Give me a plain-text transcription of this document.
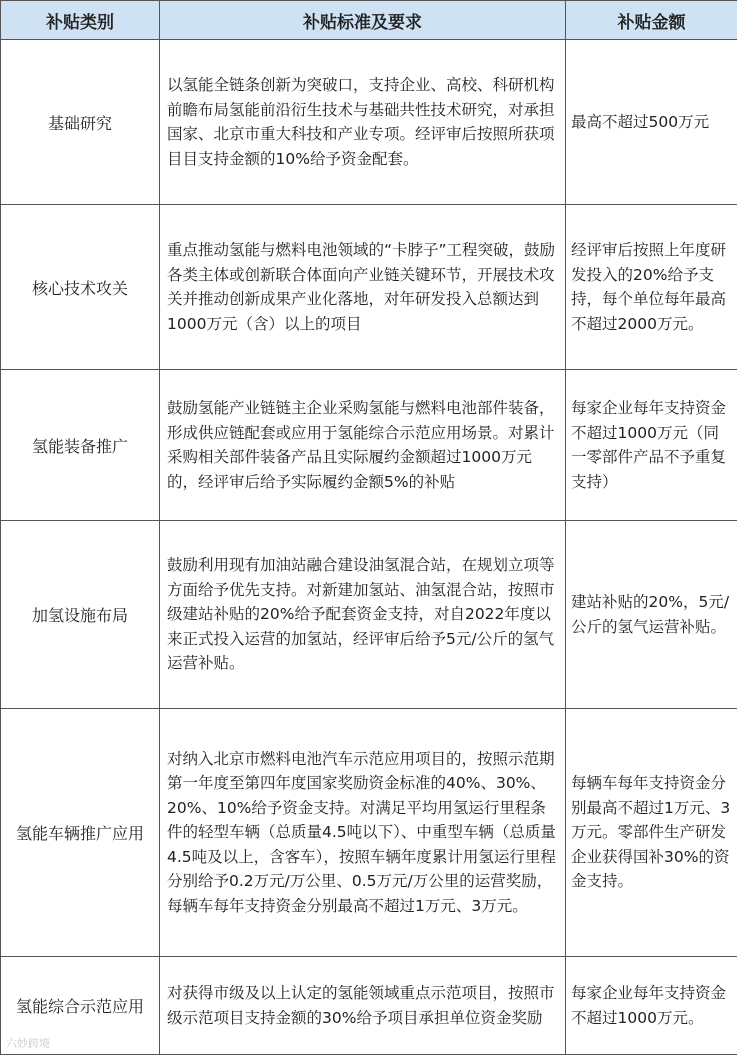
补贴类别	补贴标准及要求	补贴金额
基础研究	以氢能全链条创新为突破口，支持企业、高校、科研机构前瞻布局氢能前沿衍生技术与基础共性技术研究，对承担国家、北京市重大科技和产业专项。经评审后按照所获项目目支持金额的10%给予资金配套。	最高不超过500万元
核心技术攻关	重点推动氢能与燃料电池领域的“卡脖子”工程突破，鼓励各类主体或创新联合体面向产业链关键环节，开展技术攻关并推动创新成果产业化落地，对年研发投入总额达到1000万元（含）以上的项目	经评审后按照上年度研发投入的20%给予支持，每个单位每年最高不超过2000万元。
氢能装备推广	鼓励氢能产业链链主企业采购氢能与燃料电池部件装备，形成供应链配套或应用于氢能综合示范应用场景。对累计采购相关部件装备产品且实际履约金额超过1000万元的，经评审后给予实际履约金额5%的补贴	每家企业每年支持资金不超过1000万元（同一零部件产品不予重复支持）
加氢设施布局	鼓励利用现有加油站融合建设油氢混合站，在规划立项等方面给予优先支持。对新建加氢站、油氢混合站，按照市级建站补贴的20%给予配套资金支持，对自2022年度以来正式投入运营的加氢站，经评审后给予5元/公斤的氢气运营补贴。	建站补贴的20%，5元/公斤的氢气运营补贴。
氢能车辆推广应用	对纳入北京市燃料电池汽车示范应用项目的，按照示范期第一年度至第四年度国家奖励资金标准的40%、30%、20%、10%给予资金支持。对满足平均用氢运行里程条件的轻型车辆（总质量4.5吨以下）、中重型车辆（总质量4.5吨及以上，含客车），按照车辆年度累计用氢运行里程分别给予0.2万元/万公里、0.5万元/万公里的运营奖励，每辆车每年支持资金分别最高不超过1万元、3万元。	每辆车每年支持资金分别最高不超过1万元、3万元。零部件生产研发企业获得国补30%的资金支持。
氢能综合示范应用	对获得市级及以上认定的氢能领域重点示范项目，按照市级示范项目支持金额的30%给予项目承担单位资金奖励	每家企业每年支持资金不超过1000万元。
六妙跨境
